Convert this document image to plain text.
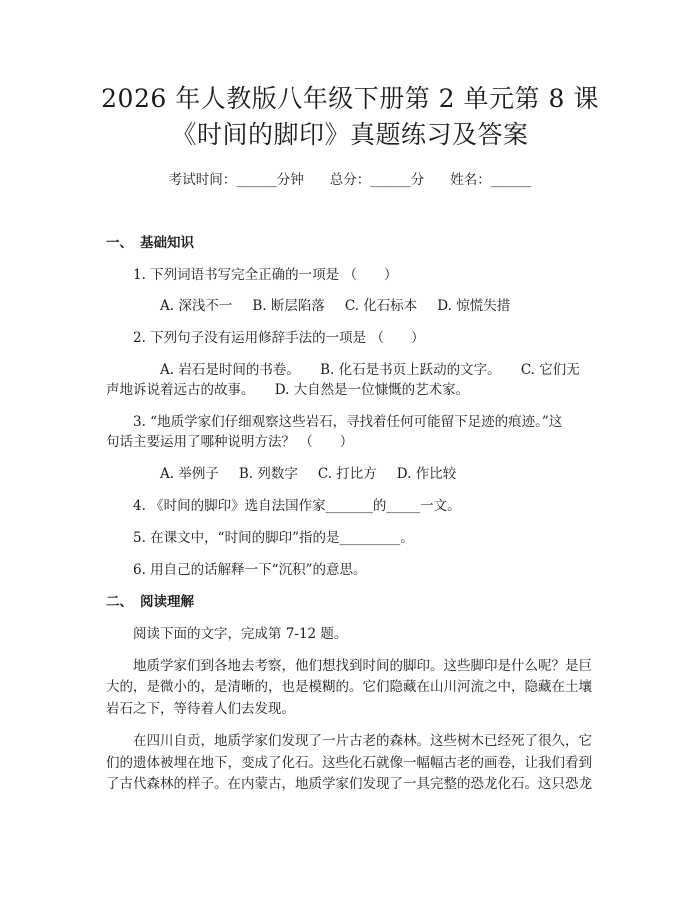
2026 年人教版八年级下册第 2 单元第 8 课
《时间的脚印》真题练习及答案
考试时间：______分钟 总分：______分 姓名：______
一、 基础知识
1. 下列词语书写完全正确的一项是 （　　）
A. 深浅不一 B. 断层陷落 C. 化石标本 D. 惊慌失措
2. 下列句子没有运用修辞手法的一项是 （　　）
A. 岩石是时间的书卷。　　B. 化石是书页上跃动的文字。　　C. 它们无
声地诉说着远古的故事。　　D. 大自然是一位慷慨的艺术家。
3. “地质学家们仔细观察这些岩石，寻找着任何可能留下足迹的痕迹。”这
句话主要运用了哪种说明方法？ （　　）
A. 举例子 B. 列数字 C. 打比方 D. 作比较
4. 《时间的脚印》选自法国作家_______的_____一文。
5. 在课文中，“时间的脚印”指的是_________。
6. 用自己的话解释一下“沉积”的意思。
二、 阅读理解
阅读下面的文字，完成第 7-12 题。
地质学家们到各地去考察，他们想找到时间的脚印。这些脚印是什么呢？是巨
大的，是微小的，是清晰的，也是模糊的。它们隐藏在山川河流之中，隐藏在土壤
岩石之下，等待着人们去发现。
在四川自贡，地质学家们发现了一片古老的森林。这些树木已经死了很久，它
们的遗体被埋在地下，变成了化石。这些化石就像一幅幅古老的画卷，让我们看到
了古代森林的样子。在内蒙古，地质学家们发现了一具完整的恐龙化石。这只恐龙
